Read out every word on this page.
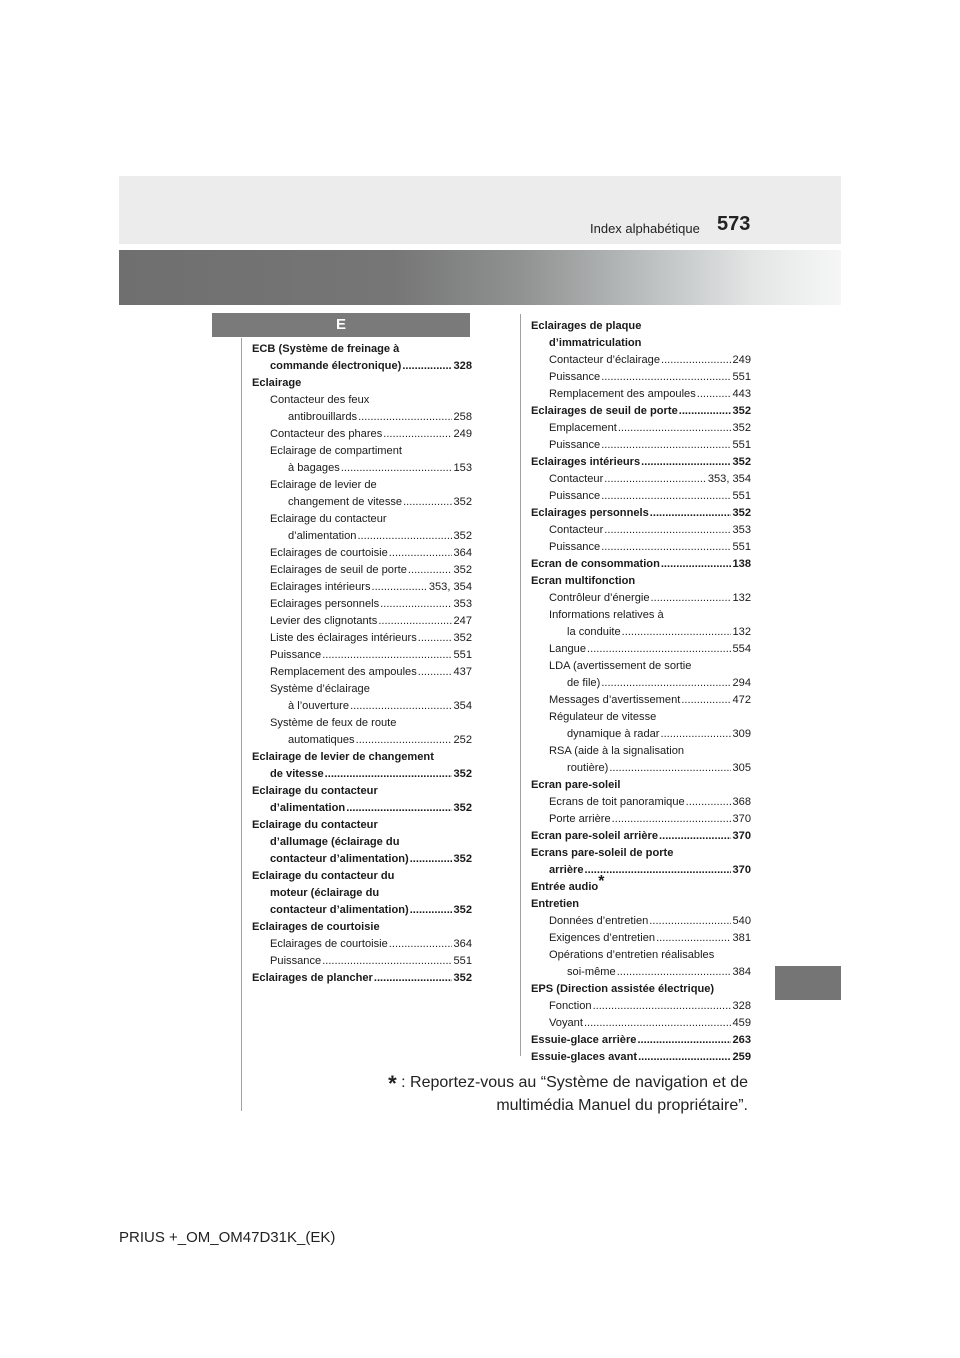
Index alphabétique 573
E
ECB (Système de freinage à
commande électronique) .....	328
Eclairage
Contacteur des feux
antibrouillards .....	258
Contacteur des phares .....	249
Eclairage de compartiment
à bagages .....	153
Eclairage de levier de
changement de vitesse .....	352
Eclairage du contacteur
d’alimentation .....	352
Eclairages de courtoisie .....	364
Eclairages de seuil de porte .....	352
Eclairages intérieurs .....	353, 354
Eclairages personnels .....	353
Levier des clignotants .....	247
Liste des éclairages intérieurs .....	352
Puissance .....	551
Remplacement des ampoules .....	437
Système d’éclairage
à l’ouverture .....	354
Système de feux de route
automatiques .....	252
Eclairage de levier de changement
de vitesse .....	352
Eclairage du contacteur
d’alimentation .....	352
Eclairage du contacteur
d’allumage (éclairage du
contacteur d’alimentation) .....	352
Eclairage du contacteur du
moteur (éclairage du
contacteur d’alimentation) .....	352
Eclairages de courtoisie
Eclairages de courtoisie .....	364
Puissance .....	551
Eclairages de plancher .....	352
Eclairages de plaque
d’immatriculation
Contacteur d’éclairage .....	249
Puissance .....	551
Remplacement des ampoules .....	443
Eclairages de seuil de porte .....	352
Emplacement .....	352
Puissance .....	551
Eclairages intérieurs .....	352
Contacteur .....	353, 354
Puissance .....	551
Eclairages personnels .....	352
Contacteur .....	353
Puissance .....	551
Ecran de consommation .....	138
Ecran multifonction
Contrôleur d’énergie .....	132
Informations relatives à
la conduite .....	132
Langue .....	554
LDA (avertissement de sortie
de file) .....	294
Messages d’avertissement .....	472
Régulateur de vitesse
dynamique à radar .....	309
RSA (aide à la signalisation
routière) .....	305
Ecran pare-soleil
Ecrans de toit panoramique .....	368
Porte arrière .....	370
Ecran pare-soleil arrière .....	370
Ecrans pare-soleil de porte
arrière .....	370
Entrée audio*
Entretien
Données d’entretien .....	540
Exigences d’entretien .....	381
Opérations d’entretien réalisables
soi-même .....	384
EPS (Direction assistée électrique)
Fonction .....	328
Voyant .....	459
Essuie-glace arrière .....	263
Essuie-glaces avant .....	259
* : Reportez-vous au “Système de navigation et de
multimédia Manuel du propriétaire”.
PRIUS +_OM_OM47D31K_(EK)
